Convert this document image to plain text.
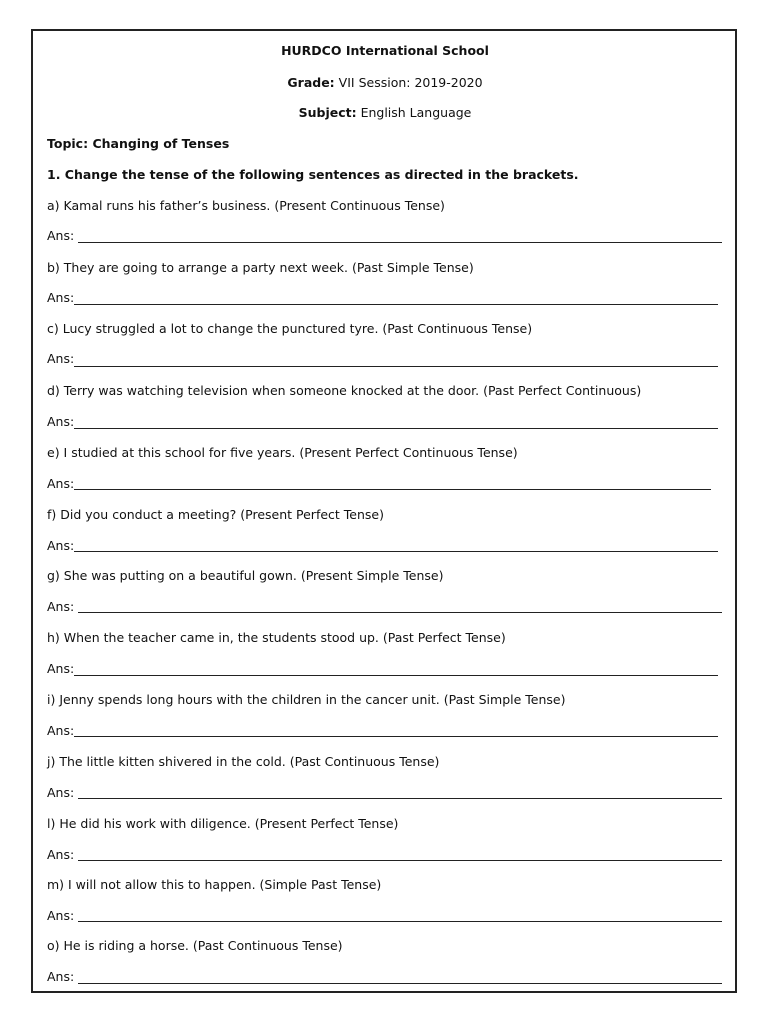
HURDCO International School
Grade: VII Session: 2019-2020
Subject: English Language
Topic: Changing of Tenses
1. Change the tense of the following sentences as directed in the brackets.
a) Kamal runs his father’s business. (Present Continuous Tense)
Ans:
b) They are going to arrange a party next week. (Past Simple Tense)
Ans:
c) Lucy struggled a lot to change the punctured tyre. (Past Continuous Tense)
Ans:
d) Terry was watching television when someone knocked at the door. (Past Perfect Continuous)
Ans:
e) I studied at this school for five years. (Present Perfect Continuous Tense)
Ans:
f) Did you conduct a meeting? (Present Perfect Tense)
Ans:
g) She was putting on a beautiful gown. (Present Simple Tense)
Ans:
h) When the teacher came in, the students stood up. (Past Perfect Tense)
Ans:
i) Jenny spends long hours with the children in the cancer unit. (Past Simple Tense)
Ans:
j) The little kitten shivered in the cold. (Past Continuous Tense)
Ans:
l) He did his work with diligence. (Present Perfect Tense)
Ans:
m) I will not allow this to happen. (Simple Past Tense)
Ans:
o) He is riding a horse. (Past Continuous Tense)
Ans:
